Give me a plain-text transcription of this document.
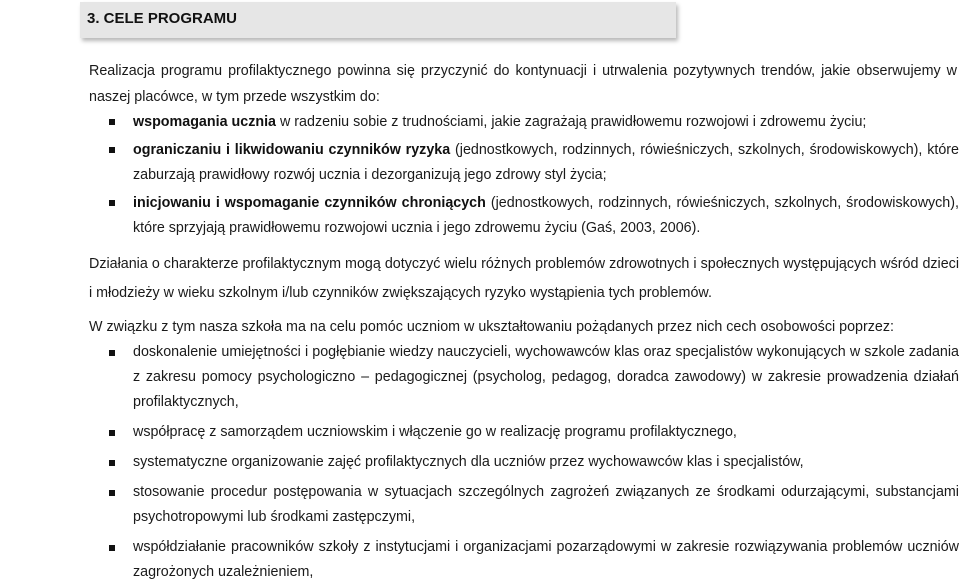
3. CELE PROGRAMU

Realizacja programu profilaktycznego powinna się przyczynić do kontynuacji i utrwalenia pozytywnych trendów, jakie obserwujemy w naszej placówce, w tym przede wszystkim do:

wspomagania ucznia w radzeniu sobie z trudnościami, jakie zagrażają prawidłowemu rozwojowi i zdrowemu życiu;
ograniczaniu i likwidowaniu czynników ryzyka (jednostkowych, rodzinnych, rówieśniczych, szkolnych, środowiskowych), które zaburzają prawidłowy rozwój ucznia i dezorganizują jego zdrowy styl życia;
inicjowaniu i wspomaganie czynników chroniących (jednostkowych, rodzinnych, rówieśniczych, szkolnych, środowiskowych), które sprzyjają prawidłowemu rozwojowi ucznia i jego zdrowemu życiu (Gaś, 2003, 2006).

Działania o charakterze profilaktycznym mogą dotyczyć wielu różnych problemów zdrowotnych i społecznych występujących wśród dzieci i młodzieży w wieku szkolnym i/lub czynników zwiększających ryzyko wystąpienia tych problemów.

W związku z tym nasza szkoła ma na celu pomóc uczniom w ukształtowaniu pożądanych przez nich cech osobowości poprzez:

doskonalenie umiejętności i pogłębianie wiedzy nauczycieli, wychowawców klas oraz specjalistów wykonujących w szkole zadania z zakresu pomocy psychologiczno – pedagogicznej (psycholog, pedagog, doradca zawodowy) w zakresie prowadzenia działań profilaktycznych,
współpracę z samorządem uczniowskim i włączenie go w realizację programu profilaktycznego,
systematyczne organizowanie zajęć profilaktycznych dla uczniów przez wychowawców klas i specjalistów,
stosowanie procedur postępowania w sytuacjach szczególnych zagrożeń związanych ze środkami odurzającymi, substancjami psychotropowymi lub środkami zastępczymi,
współdziałanie pracowników szkoły z instytucjami i organizacjami pozarządowymi w zakresie rozwiązywania problemów uczniów zagrożonych uzależnieniem,
